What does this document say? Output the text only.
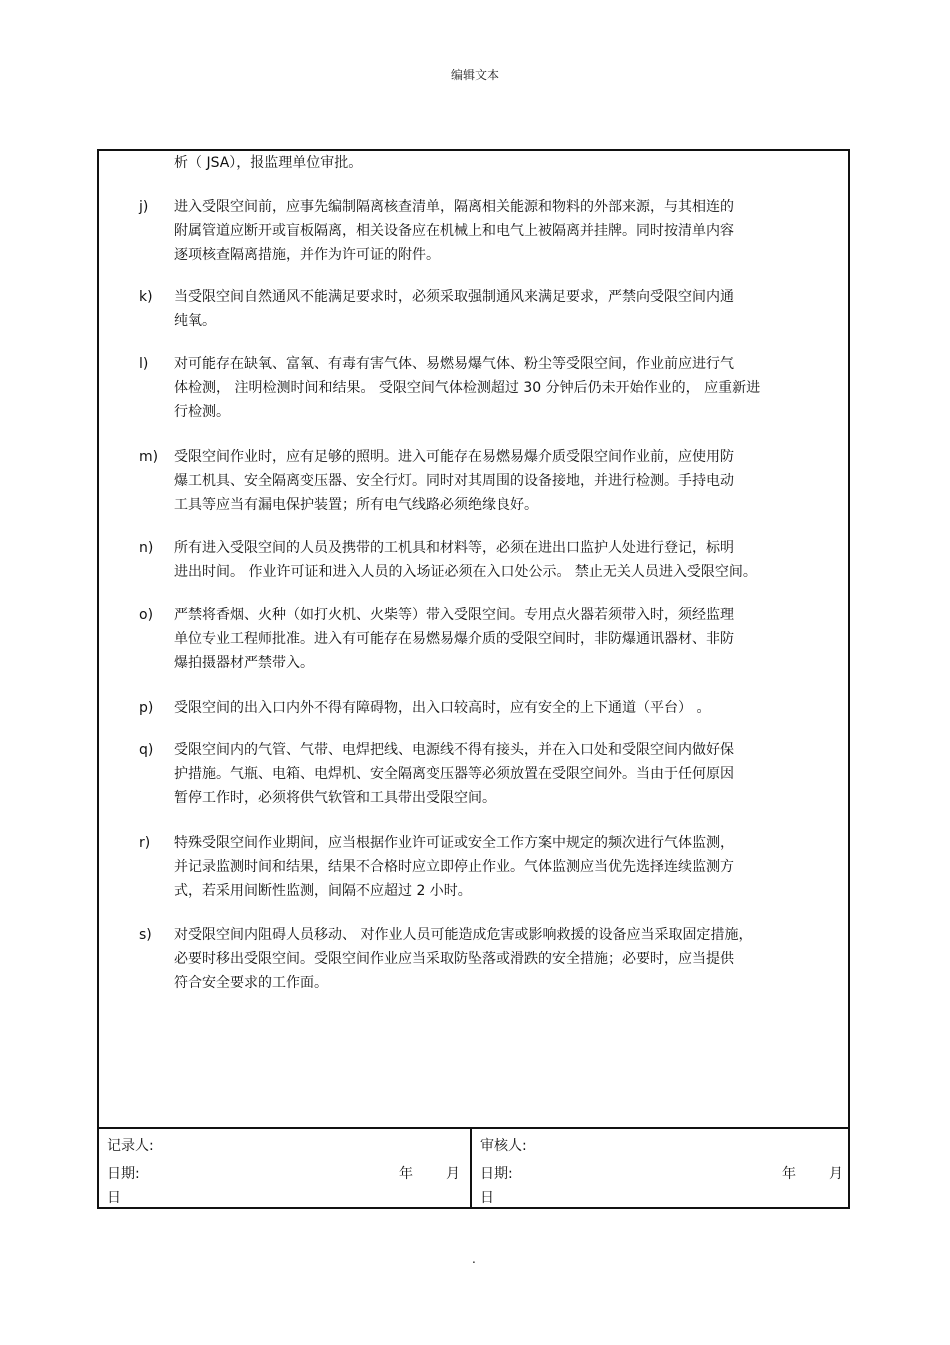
编辑文本
析（ JSA），报监理单位审批。
j) 进入受限空间前，应事先编制隔离核查清单，隔离相关能源和物料的外部来源，与其相连的
附属管道应断开或盲板隔离，相关设备应在机械上和电气上被隔离并挂牌。同时按清单内容
逐项核查隔离措施，并作为许可证的附件。
k) 当受限空间自然通风不能满足要求时，必须采取强制通风来满足要求，严禁向受限空间内通
纯氧。
l) 对可能存在缺氧、富氧、有毒有害气体、易燃易爆气体、粉尘等受限空间，作业前应进行气
体检测， 注明检测时间和结果。 受限空间气体检测超过 30 分钟后仍未开始作业的， 应重新进
行检测。
m) 受限空间作业时，应有足够的照明。进入可能存在易燃易爆介质受限空间作业前，应使用防
爆工机具、安全隔离变压器、安全行灯。同时对其周围的设备接地，并进行检测。手持电动
工具等应当有漏电保护装置；所有电气线路必须绝缘良好。
n) 所有进入受限空间的人员及携带的工机具和材料等，必须在进出口监护人处进行登记，标明
进出时间。 作业许可证和进入人员的入场证必须在入口处公示。 禁止无关人员进入受限空间。
o) 严禁将香烟、火种（如打火机、火柴等）带入受限空间。专用点火器若须带入时，须经监理
单位专业工程师批准。进入有可能存在易燃易爆介质的受限空间时，非防爆通讯器材、非防
爆拍摄器材严禁带入。
p) 受限空间的出入口内外不得有障碍物，出入口较高时，应有安全的上下通道（平台） 。
q) 受限空间内的气管、气带、电焊把线、电源线不得有接头，并在入口处和受限空间内做好保
护措施。气瓶、电箱、电焊机、安全隔离变压器等必须放置在受限空间外。当由于任何原因
暂停工作时，必须将供气软管和工具带出受限空间。
r) 特殊受限空间作业期间，应当根据作业许可证或安全工作方案中规定的频次进行气体监测，
并记录监测时间和结果，结果不合格时应立即停止作业。气体监测应当优先选择连续监测方
式，若采用间断性监测，间隔不应超过 2 小时。
s) 对受限空间内阻碍人员移动、 对作业人员可能造成危害或影响救援的设备应当采取固定措施，
必要时移出受限空间。受限空间作业应当采取防坠落或滑跌的安全措施；必要时，应当提供
符合安全要求的工作面。
记录人:
日期:	年 月
日
审核人:
日期:	年 月
日
.
